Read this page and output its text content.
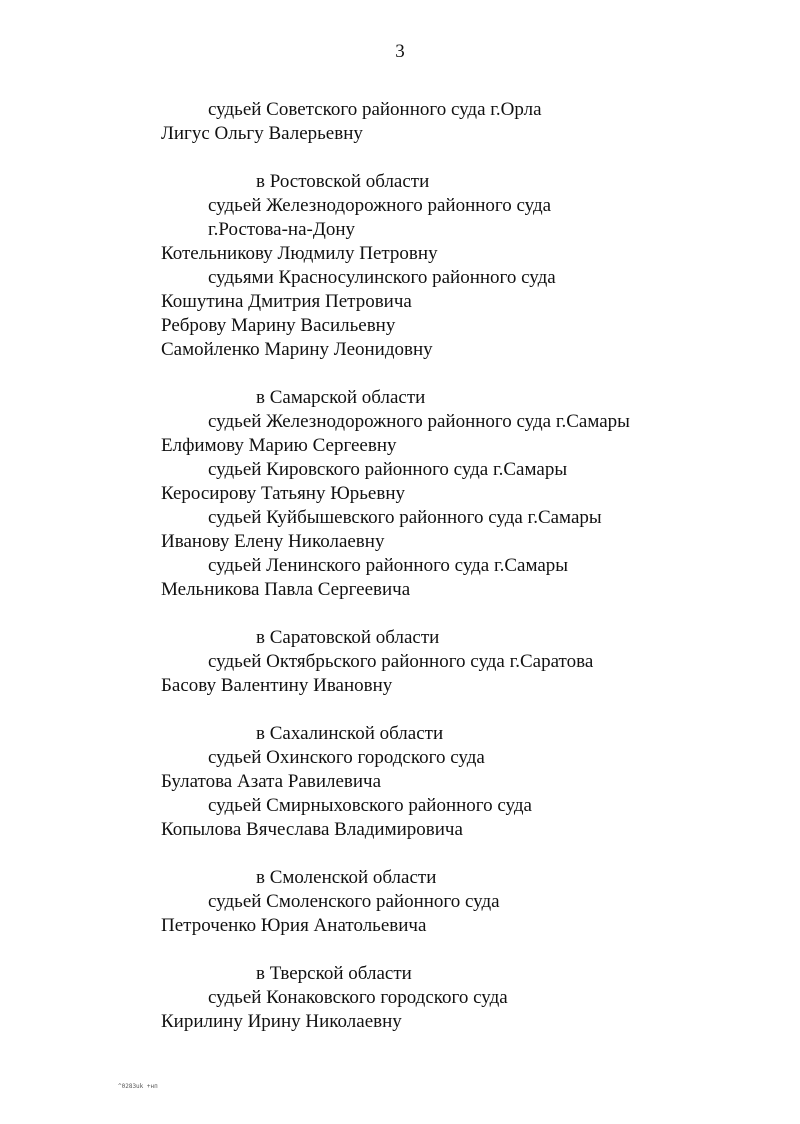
3
судьей Советского районного суда г.Орла
Лигус Ольгу Валерьевну
в Ростовской области
судьей Железнодорожного районного суда
г.Ростова-на-Дону
Котельникову Людмилу Петровну
судьями Красносулинского районного суда
Кошутина Дмитрия Петровича
Реброву Марину Васильевну
Самойленко Марину Леонидовну
в Самарской области
судьей Железнодорожного районного суда г.Самары
Елфимову Марию Сергеевну
судьей Кировского районного суда г.Самары
Керосирову Татьяну Юрьевну
судьей Куйбышевского районного суда г.Самары
Иванову Елену Николаевну
судьей Ленинского районного суда г.Самары
Мельникова Павла Сергеевича
в Саратовской области
судьей Октябрьского районного суда г.Саратова
Басову Валентину Ивановну
в Сахалинской области
судьей Охинского городского суда
Булатова Азата Равилевича
судьей Смирныховского районного суда
Копылова Вячеслава Владимировича
в Смоленской области
судьей Смоленского районного суда
Петроченко Юрия Анатольевича
в Тверской области
судьей Конаковского городского суда
Кирилину Ирину Николаевну
^0283uk +нп
